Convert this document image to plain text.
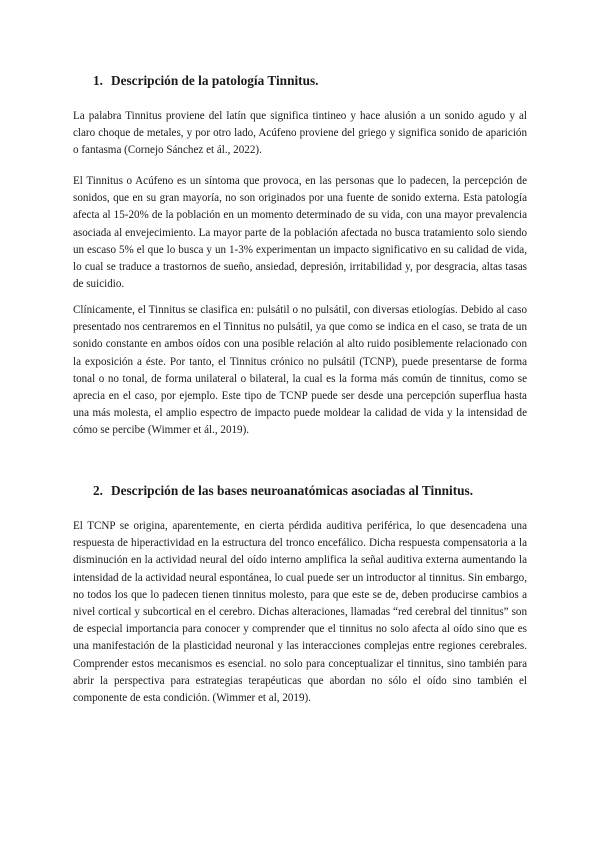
1. Descripción de la patología Tinnitus.

La palabra Tinnitus proviene del latín que significa tintineo y hace alusión a un sonido agudo y al claro choque de metales, y por otro lado, Acúfeno proviene del griego y significa sonido de aparición o fantasma (Cornejo Sánchez et ál., 2022).

El Tinnitus o Acúfeno es un síntoma que provoca, en las personas que lo padecen, la percepción de sonidos, que en su gran mayoría, no son originados por una fuente de sonido externa. Esta patología afecta al 15-20% de la población en un momento determinado de su vida, con una mayor prevalencia asociada al envejecimiento. La mayor parte de la población afectada no busca tratamiento solo siendo un escaso 5% el que lo busca y un 1-3% experimentan un impacto significativo en su calidad de vida, lo cual se traduce a trastornos de sueño, ansiedad, depresión, irritabilidad y, por desgracia, altas tasas de suicidio.

Clínicamente, el Tinnitus se clasifica en: pulsátil o no pulsátil, con diversas etiologías. Debido al caso presentado nos centraremos en el Tinnitus no pulsátil, ya que como se indica en el caso, se trata de un sonido constante en ambos oídos con una posible relación al alto ruido posiblemente relacionado con la exposición a éste. Por tanto, el Tinnitus crónico no pulsátil (TCNP), puede presentarse de forma tonal o no tonal, de forma unilateral o bilateral, la cual es la forma más común de tinnitus, como se aprecia en el caso, por ejemplo. Este tipo de TCNP puede ser desde una percepción superflua hasta una más molesta, el amplio espectro de impacto puede moldear la calidad de vida y la intensidad de cómo se percibe (Wimmer et ál., 2019).

2. Descripción de las bases neuroanatómicas asociadas al Tinnitus.

El TCNP se origina, aparentemente, en cierta pérdida auditiva periférica, lo que desencadena una respuesta de hiperactividad en la estructura del tronco encefálico. Dicha respuesta compensatoria a la disminución en la actividad neural del oído interno amplifica la señal auditiva externa aumentando la intensidad de la actividad neural espontánea, lo cual puede ser un introductor al tinnitus. Sin embargo, no todos los que lo padecen tienen tinnitus molesto, para que este se de, deben producirse cambios a nivel cortical y subcortical en el cerebro. Dichas alteraciones, llamadas “red cerebral del tinnitus” son de especial importancia para conocer y comprender que el tinnitus no solo afecta al oído sino que es una manifestación de la plasticidad neuronal y las interacciones complejas entre regiones cerebrales. Comprender estos mecanismos es esencial. no solo para conceptualizar el tinnitus, sino también para abrir la perspectiva para estrategias terapéuticas que abordan no sólo el oído sino también el componente de esta condición. (Wimmer et al, 2019).
